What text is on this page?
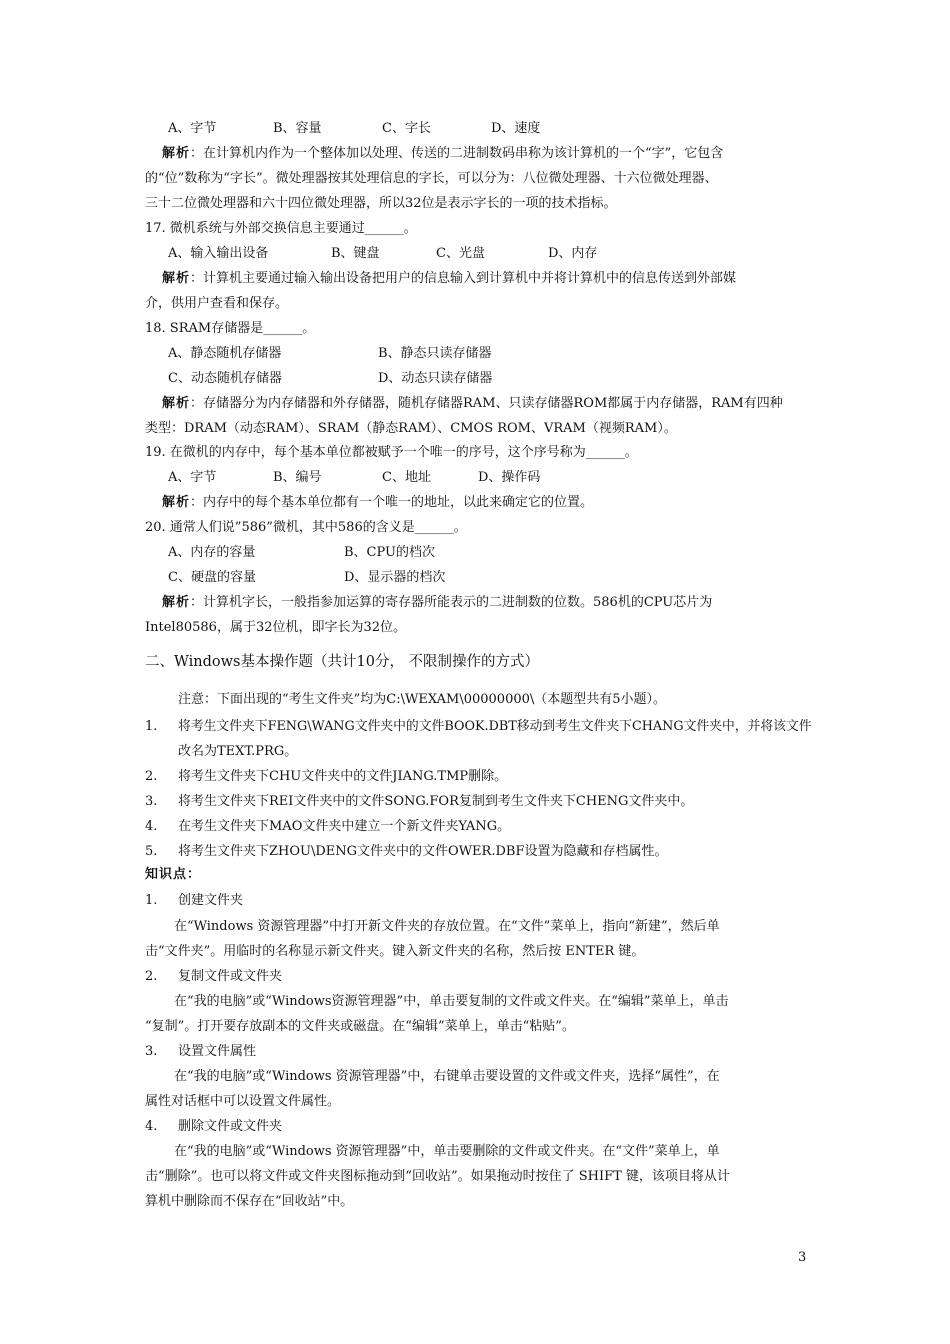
A、字节	B、容量	C、字长	D、速度
解析：在计算机内作为一个整体加以处理、传送的二进制数码串称为该计算机的一个“字”，它包含
的“位”数称为“字长”。微处理器按其处理信息的字长，可以分为：八位微处理器、十六位微处理器、
三十二位微处理器和六十四位微处理器，所以32位是表示字长的一项的技术指标。
17. 微机系统与外部交换信息主要通过______。
A、输入输出设备	B、键盘	C、光盘	D、内存
解析：计算机主要通过输入输出设备把用户的信息输入到计算机中并将计算机中的信息传送到外部媒
介，供用户查看和保存。
18. SRAM存储器是______。
A、静态随机存储器	B、静态只读存储器
C、动态随机存储器	D、动态只读存储器
解析：存储器分为内存储器和外存储器，随机存储器RAM、只读存储器ROM都属于内存储器，RAM有四种
类型：DRAM（动态RAM）、SRAM（静态RAM）、CMOS ROM、VRAM（视频RAM）。
19. 在微机的内存中，每个基本单位都被赋予一个唯一的序号，这个序号称为______。
A、字节	B、编号	C、地址	D、操作码
解析：内存中的每个基本单位都有一个唯一的地址，以此来确定它的位置。
20. 通常人们说”586”微机，其中586的含义是______。
A、内存的容量	B、CPU的档次
C、硬盘的容量	D、显示器的档次
解析：计算机字长，一般指参加运算的寄存器所能表示的二进制数的位数。586机的CPU芯片为
Intel80586，属于32位机，即字长为32位。
二、Windows基本操作题（共计10分， 不限制操作的方式）
注意：下面出现的“考生文件夹”均为C:\WEXAM\00000000\（本题型共有5小题）。
1. 将考生文件夹下FENG\WANG文件夹中的文件BOOK.DBT移动到考生文件夹下CHANG文件夹中，并将该文件
改名为TEXT.PRG。
2. 将考生文件夹下CHU文件夹中的文件JIANG.TMP删除。
3. 将考生文件夹下REI文件夹中的文件SONG.FOR复制到考生文件夹下CHENG文件夹中。
4. 在考生文件夹下MAO文件夹中建立一个新文件夹YANG。
5. 将考生文件夹下ZHOU\DENG文件夹中的文件OWER.DBF设置为隐藏和存档属性。
知识点：
1. 创建文件夹
在“Windows 资源管理器”中打开新文件夹的存放位置。在“文件”菜单上，指向“新建”，然后单
击“文件夹”。用临时的名称显示新文件夹。键入新文件夹的名称，然后按 ENTER 键。
2. 复制文件或文件夹
在“我的电脑”或“Windows资源管理器”中，单击要复制的文件或文件夹。在“编辑”菜单上，单击
“复制”。打开要存放副本的文件夹或磁盘。在“编辑”菜单上，单击“粘贴”。
3. 设置文件属性
在“我的电脑”或“Windows 资源管理器”中，右键单击要设置的文件或文件夹，选择“属性”，在
属性对话框中可以设置文件属性。
4. 删除文件或文件夹
在“我的电脑”或“Windows 资源管理器”中，单击要删除的文件或文件夹。在“文件”菜单上，单
击“删除”。也可以将文件或文件夹图标拖动到“回收站”。如果拖动时按住了 SHIFT 键，该项目将从计
算机中删除而不保存在“回收站”中。
3
